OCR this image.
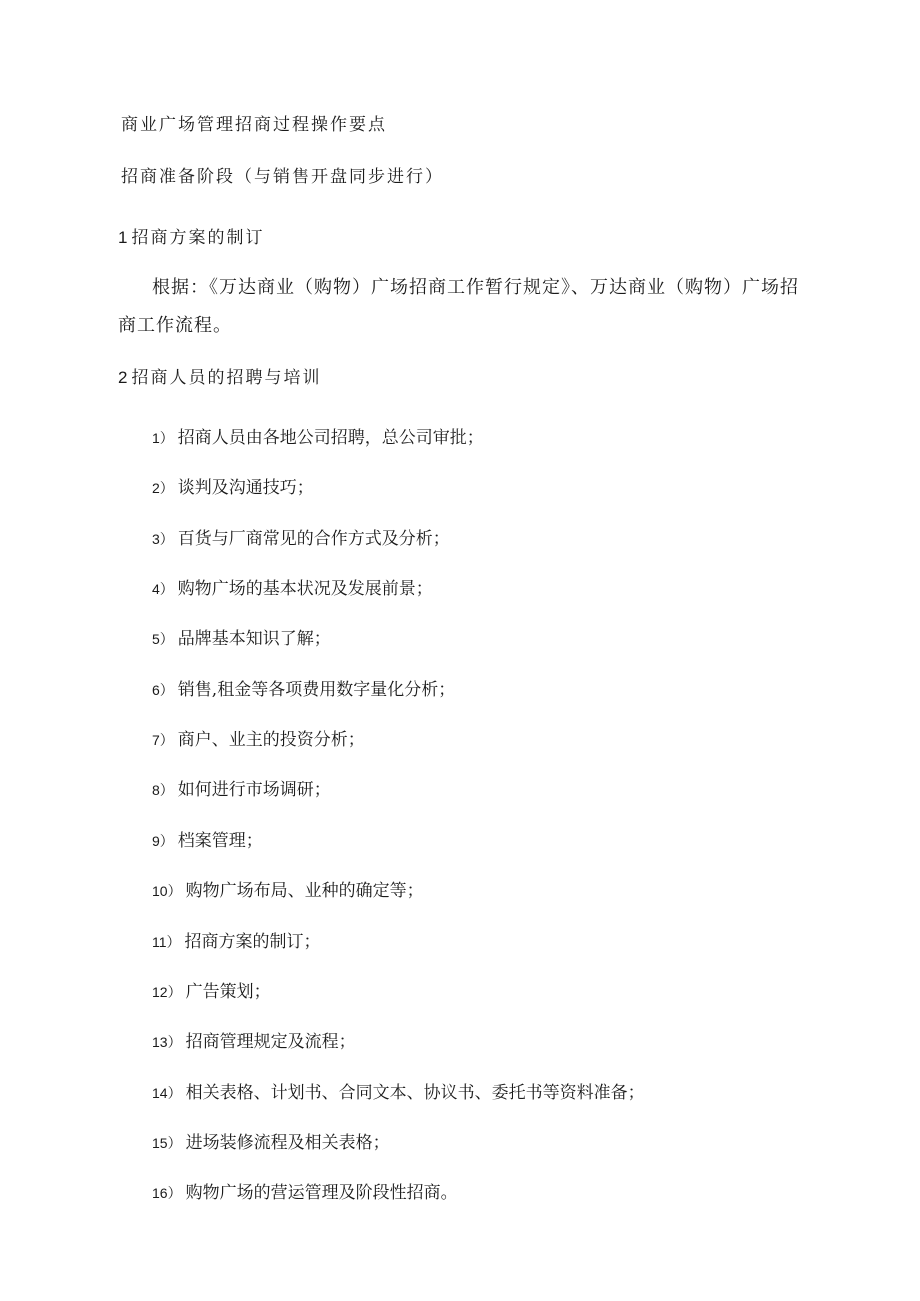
商业广场管理招商过程操作要点
招商准备阶段（与销售开盘同步进行）
1 招商方案的制订
根据：《万达商业（购物）广场招商工作暂行规定》、万达商业（购物）广场招
商工作流程。
2 招商人员的招聘与培训
1） 招商人员由各地公司招聘，总公司审批；
2） 谈判及沟通技巧；
3） 百货与厂商常见的合作方式及分析；
4） 购物广场的基本状况及发展前景；
5） 品牌基本知识了解；
6） 销售,租金等各项费用数字量化分析；
7） 商户、业主的投资分析；
8） 如何进行市场调研；
9） 档案管理；
10） 购物广场布局、业种的确定等；
11） 招商方案的制订；
12） 广告策划；
13） 招商管理规定及流程；
14） 相关表格、计划书、合同文本、协议书、委托书等资料准备；
15） 进场装修流程及相关表格；
16） 购物广场的营运管理及阶段性招商。
